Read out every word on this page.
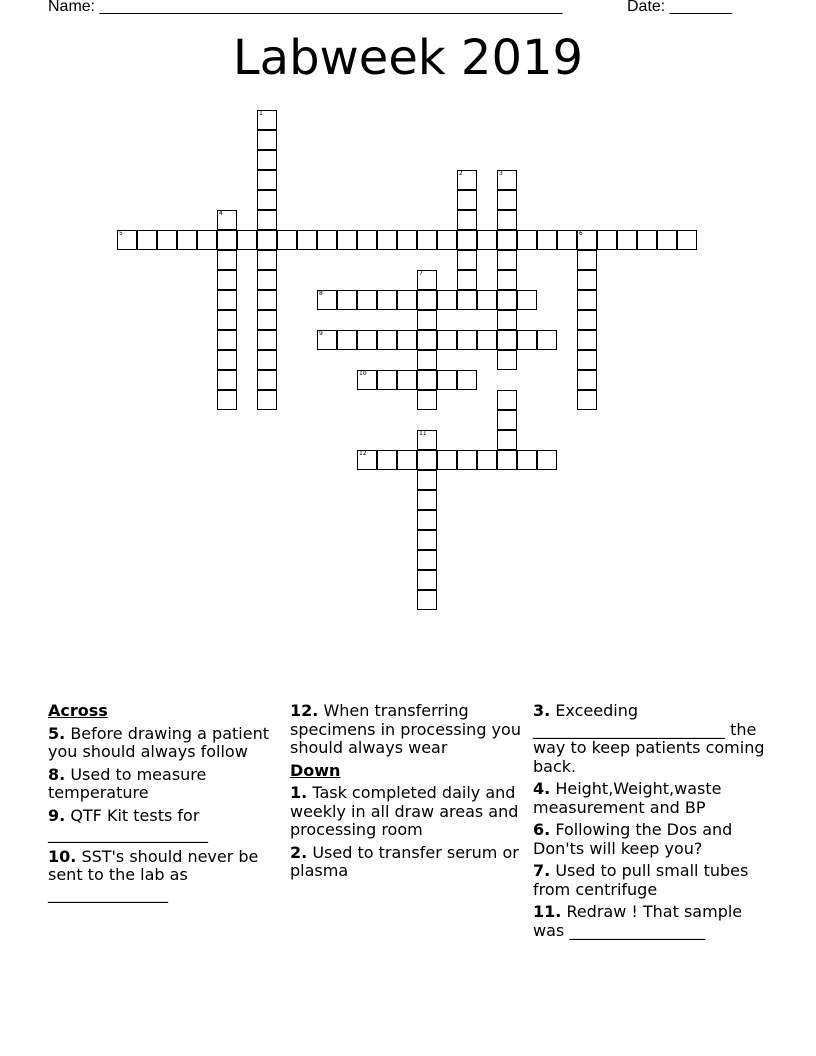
Name: ____________________________________________________	Date: _______
Labweek 2019
1
2	3
4
5	6
7
8
9
10
11
12
Across
5. Before drawing a patient you should always follow
8. Used to measure temperature
9. QTF Kit tests for ____________________
10. SST's should never be sent to the lab as _______________
12. When transferring specimens in processing you should always wear
Down
1. Task completed daily and weekly in all draw areas and processing room
2. Used to transfer serum or plasma
3. Exceeding ________________________ the way to keep patients coming back.
4. Height,Weight,waste measurement and BP
6. Following the Dos and Don'ts will keep you?
7. Used to pull small tubes from centrifuge
11. Redraw ! That sample was _________________
